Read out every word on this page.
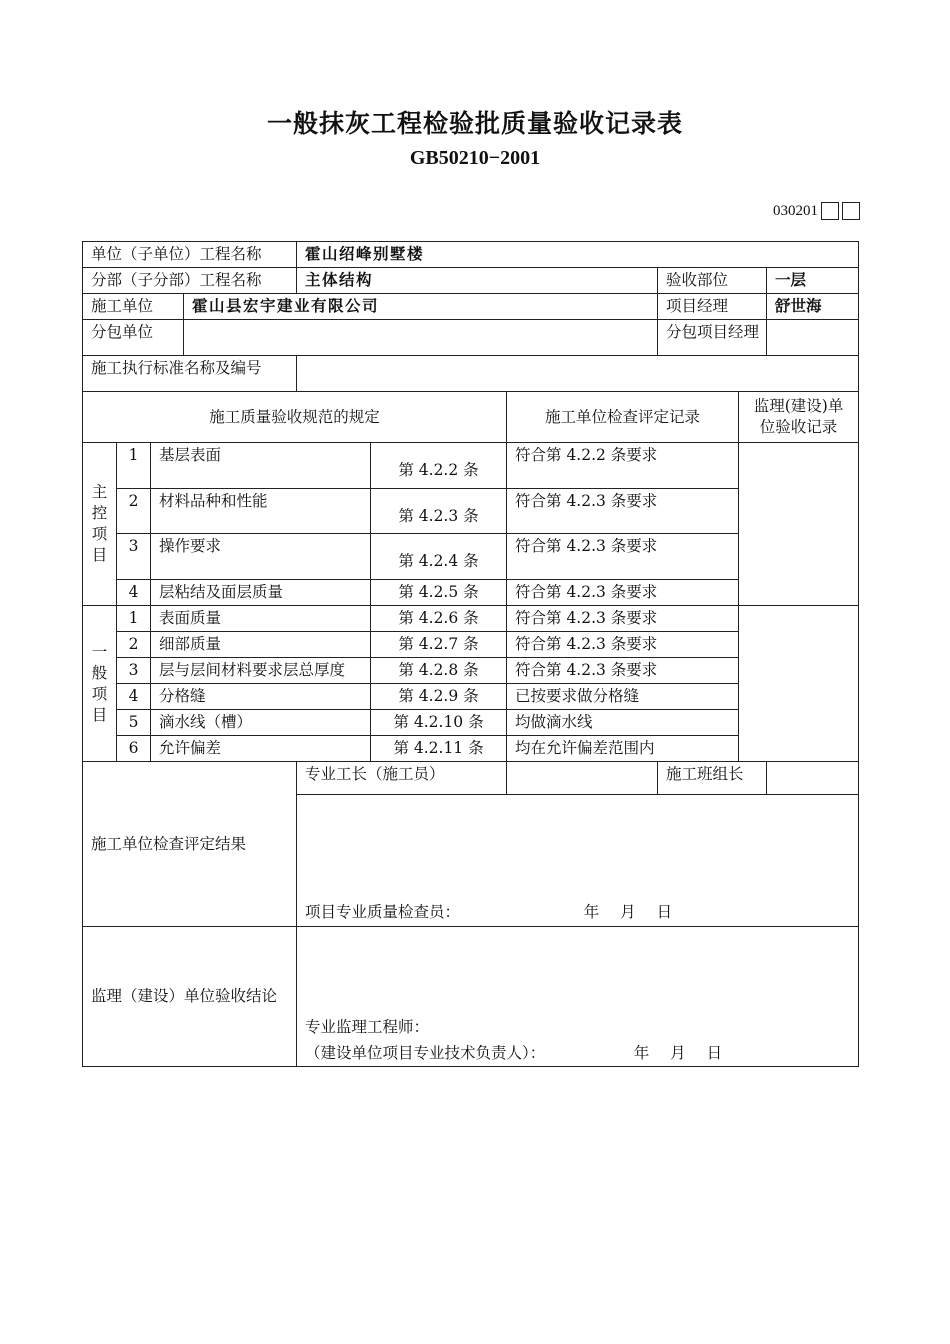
一般抹灰工程检验批质量验收记录表
GB50210−2001
030201
单位（子单位）工程名称				霍山绍峰别墅楼					
分部（子分部）工程名称				主体结构			验收部位		一层
施工单位			霍山县宏宇建业有限公司				项目经理		舒世海
分包单位							分包项目经理		
施工执行标准名称及编号									
施工质量验收规范的规定						施工单位检查评定记录		监理(建设)单位验收记录	
主控项目	1	基层表面			第 4.2.2 条	符合第 4.2.2 条要求			
	2	材料品种和性能			第 4.2.3 条	符合第 4.2.3 条要求			
	3	操作要求			第 4.2.4 条	符合第 4.2.3 条要求			
	4	层粘结及面层质量			第 4.2.5 条	符合第 4.2.3 条要求			
一般项目	1	表面质量			第 4.2.6 条	符合第 4.2.3 条要求			
	2	细部质量			第 4.2.7 条	符合第 4.2.3 条要求			
	3	层与层间材料要求层总厚度			第 4.2.8 条	符合第 4.2.3 条要求			
	4	分格缝			第 4.2.9 条	已按要求做分格缝			
	5	滴水线（槽）			第 4.2.10 条	均做滴水线			
	6	允许偏差			第 4.2.11 条	均在允许偏差范围内			
施工单位检查评定结果				专业工长（施工员）			施工班组长		

				项目专业质量检查员： 年 月 日					

监理（建设）单位验收结论									
				专业监理工程师：					

				（建设单位项目专业技术负责人）： 年 月 日					
